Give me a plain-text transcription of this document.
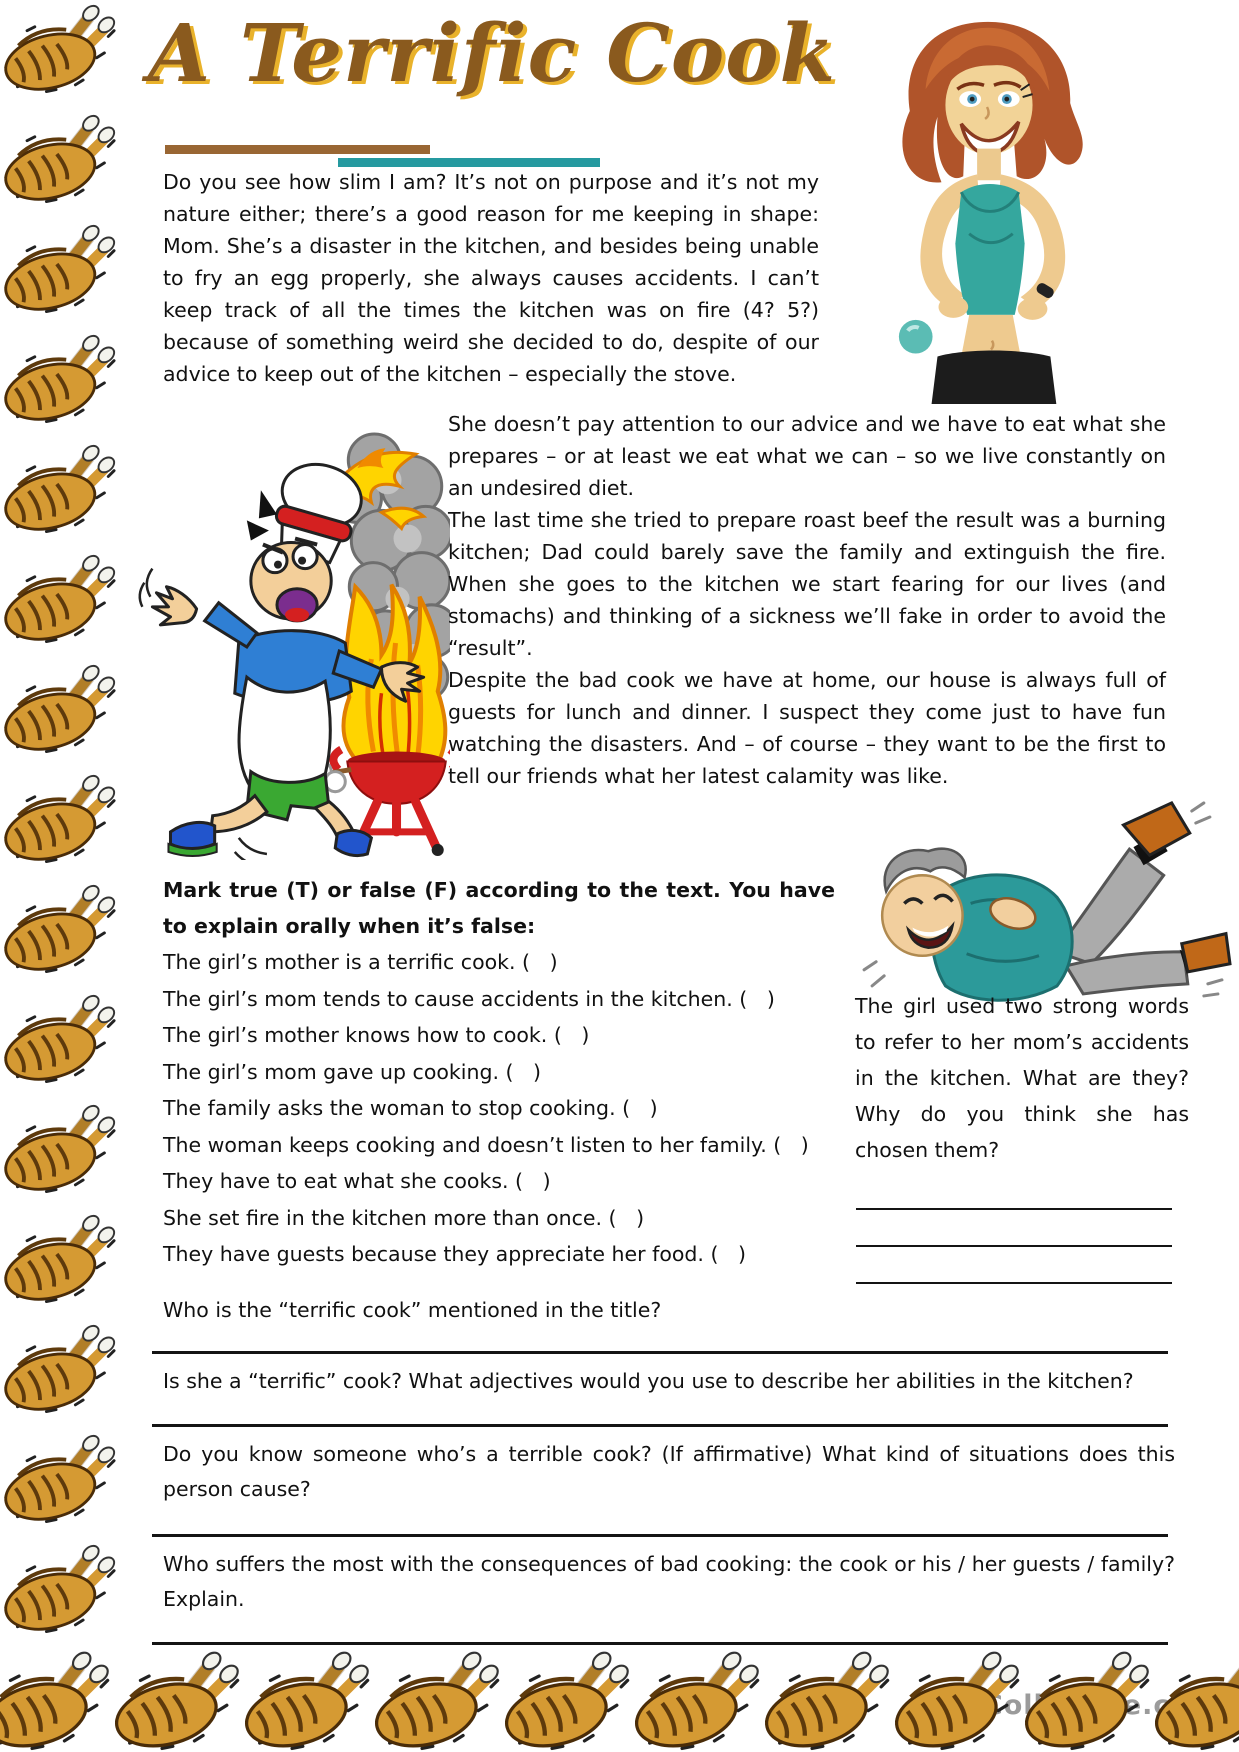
A Terrific Cook

Do you see how slim I am? It’s not on purpose and it’s not my nature either; there’s a good reason for me keeping in shape: Mom. She’s a disaster in the kitchen, and besides being unable to fry an egg properly, she always causes accidents. I can’t keep track of all the times the kitchen was on fire (4? 5?) because of something weird she decided to do, despite of our advice to keep out of the kitchen – especially the stove.

She doesn’t pay attention to our advice and we have to eat what she prepares – or at least we eat what we can – so we live constantly on an undesired diet.

The last time she tried to prepare roast beef the result was a burning kitchen; Dad could barely save the family and extinguish the fire. When she goes to the kitchen we start fearing for our lives (and stomachs) and thinking of a sickness we’ll fake in order to avoid the “result”.

Despite the bad cook we have at home, our house is always full of guests for lunch and dinner. I suspect they come just to have fun watching the disasters. And – of course – they want to be the first to tell our friends what her latest calamity was like.

Mark true (T) or false (F) according to the text. You have to explain orally when it’s false:
The girl’s mother is a terrific cook. (   )
The girl’s mom tends to cause accidents in the kitchen. (   )
The girl’s mother knows how to cook. (   )
The girl’s mom gave up cooking. (   )
The family asks the woman to stop cooking. (   )
The woman keeps cooking and doesn’t listen to her family. (   )
They have to eat what she cooks. (   )
She set fire in the kitchen more than once. (   )
They have guests because they appreciate her food. (   )
The girl used two strong words to refer to her mom’s accidents in the kitchen. What are they? Why do you think she has chosen them?
Who is the “terrific cook” mentioned in the title?
Is she a “terrific” cook? What adjectives would you use to describe her abilities in the kitchen?
Do you know someone who’s a terrible cook? (If affirmative) What kind of situations does this person cause?
Who suffers the most with the consequences of bad cooking: the cook or his / her guests / family? Explain.
